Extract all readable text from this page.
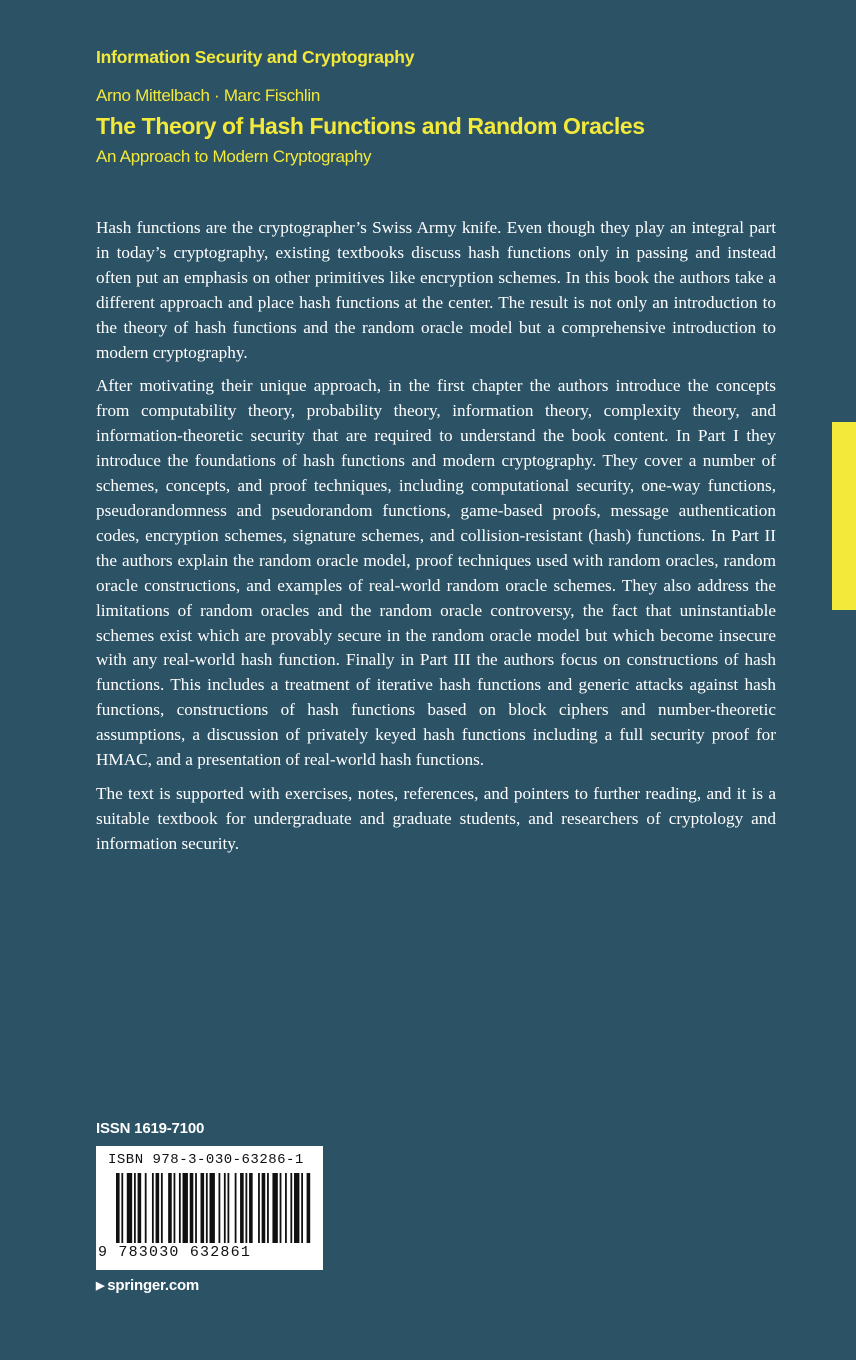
Information Security and Cryptography
Arno Mittelbach · Marc Fischlin
The Theory of Hash Functions and Random Oracles
An Approach to Modern Cryptography

Hash functions are the cryptographer’s Swiss Army knife. Even though they play an integral part in today’s cryptography, existing textbooks discuss hash functions only in passing and instead often put an emphasis on other primitives like encryption schemes. In this book the authors take a different approach and place hash functions at the center. The result is not only an introduction to the theory of hash functions and the random oracle model but a comprehensive introduction to modern cryptography.

After motivating their unique approach, in the first chapter the authors introduce the concepts from computability theory, probability theory, information theory, complexity theory, and information-theoretic security that are required to understand the book content. In Part I they introduce the foundations of hash functions and modern cryptography. They cover a number of schemes, concepts, and proof techniques, including computational security, one-way functions, pseudorandomness and pseudorandom functions, game-based proofs, message authentication codes, encryption schemes, signature schemes, and collision-resistant (hash) functions. In Part II the authors explain the random oracle model, proof techniques used with random oracles, random oracle constructions, and examples of real-world random oracle schemes. They also address the limitations of random oracles and the random oracle controversy, the fact that uninstantiable schemes exist which are provably secure in the random oracle model but which become insecure with any real-world hash function. Finally in Part III the authors focus on constructions of hash functions. This includes a treatment of iterative hash functions and generic attacks against hash functions, constructions of hash functions based on block ciphers and number-theoretic assumptions, a discussion of privately keyed hash functions including a full security proof for HMAC, and a presentation of real-world hash functions.

The text is supported with exercises, notes, references, and pointers to further reading, and it is a suitable textbook for undergraduate and graduate students, and researchers of cryptology and information security.

ISSN 1619-7100
ISBN 978-3-030-63286-1
9 783030 632861
▶ springer.com
